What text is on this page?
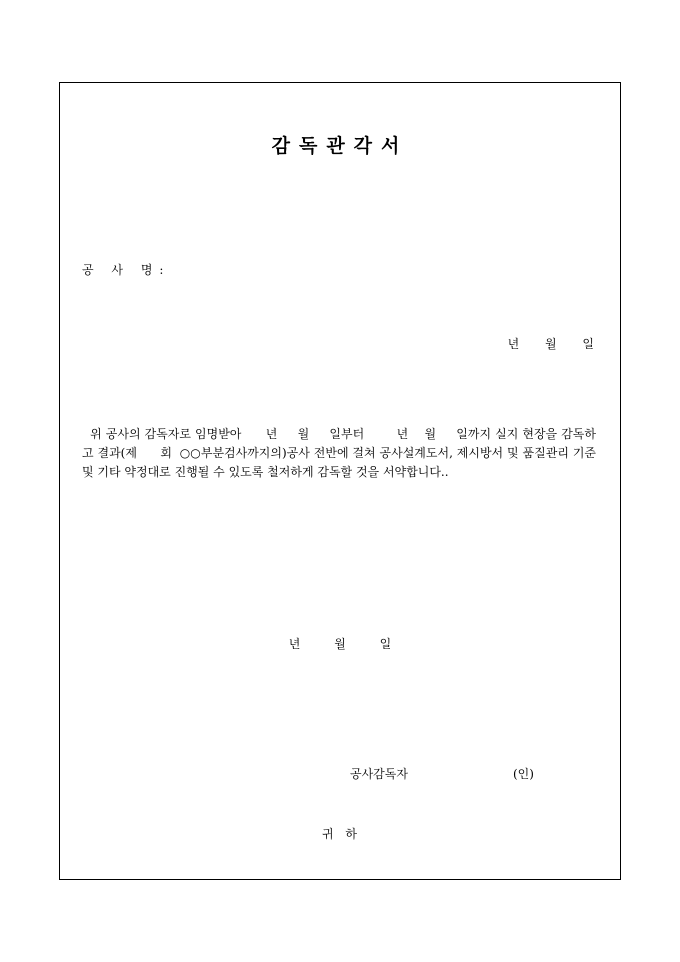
감독관각서
공 사 명:
년 월 일
위 공사의 감독자로 임명받아      년     월     일부터        년    월     일까지 실지 현장을 감독하고 결과(제      회  ○○부분검사까지의)공사 전반에 걸쳐 공사설계도서, 제시방서 및 품질관리 기준 및 기타 약정대로 진행될 수 있도록 철저하게 감독할 것을 서약합니다..
년 월 일
공사감독자	(인)
귀 하
